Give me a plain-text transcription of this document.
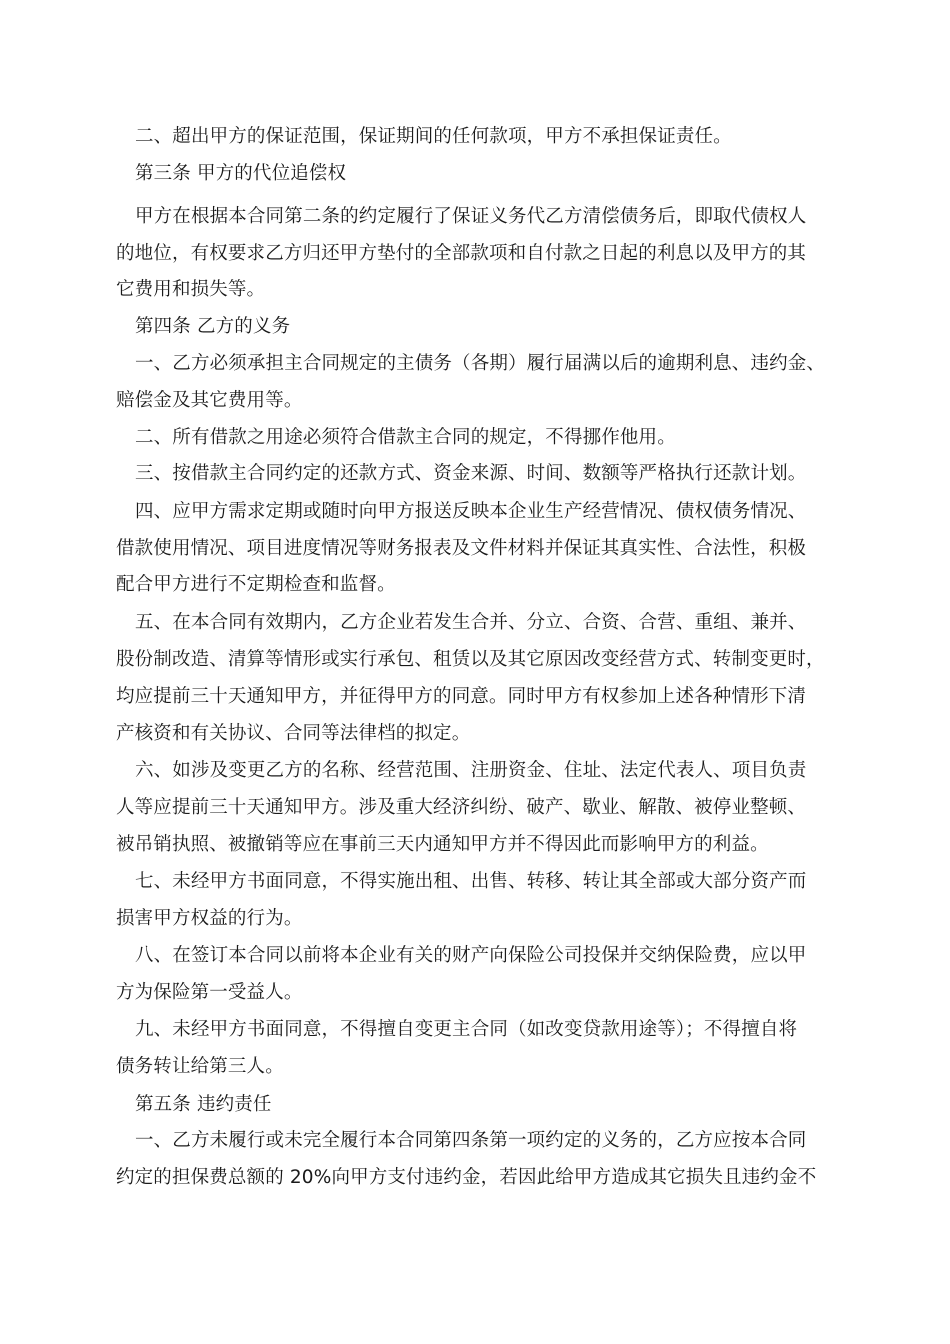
二、超出甲方的保证范围，保证期间的任何款项，甲方不承担保证责任。
第三条 甲方的代位追偿权
甲方在根据本合同第二条的约定履行了保证义务代乙方清偿债务后，即取代债权人
的地位，有权要求乙方归还甲方垫付的全部款项和自付款之日起的利息以及甲方的其
它费用和损失等。
第四条 乙方的义务
一、乙方必须承担主合同规定的主债务（各期）履行届满以后的逾期利息、违约金、
赔偿金及其它费用等。
二、所有借款之用途必须符合借款主合同的规定，不得挪作他用。
三、按借款主合同约定的还款方式、资金来源、时间、数额等严格执行还款计划。
四、应甲方需求定期或随时向甲方报送反映本企业生产经营情况、债权债务情况、
借款使用情况、项目进度情况等财务报表及文件材料并保证其真实性、合法性，积极
配合甲方进行不定期检查和监督。
五、在本合同有效期内，乙方企业若发生合并、分立、合资、合营、重组、兼并、
股份制改造、清算等情形或实行承包、租赁以及其它原因改变经营方式、转制变更时，
均应提前三十天通知甲方，并征得甲方的同意。同时甲方有权参加上述各种情形下清
产核资和有关协议、合同等法律档的拟定。
六、如涉及变更乙方的名称、经营范围、注册资金、住址、法定代表人、项目负责
人等应提前三十天通知甲方。涉及重大经济纠纷、破产、歇业、解散、被停业整顿、
被吊销执照、被撤销等应在事前三天内通知甲方并不得因此而影响甲方的利益。
七、未经甲方书面同意，不得实施出租、出售、转移、转让其全部或大部分资产而
损害甲方权益的行为。
八、在签订本合同以前将本企业有关的财产向保险公司投保并交纳保险费，应以甲
方为保险第一受益人。
九、未经甲方书面同意，不得擅自变更主合同（如改变贷款用途等）；不得擅自将
债务转让给第三人。
第五条 违约责任
一、乙方未履行或未完全履行本合同第四条第一项约定的义务的，乙方应按本合同
约定的担保费总额的 20%向甲方支付违约金，若因此给甲方造成其它损失且违约金不
